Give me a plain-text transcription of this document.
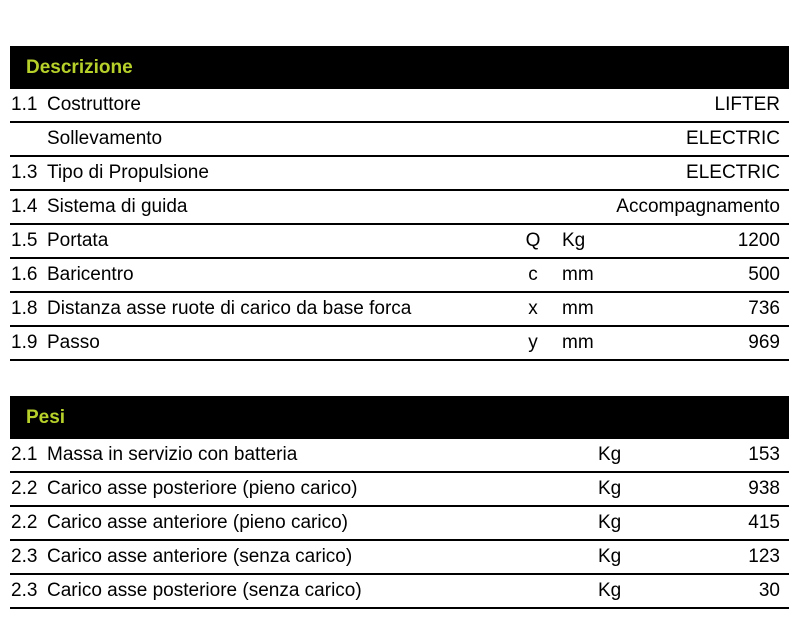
Descrizione
1.1 Costruttore	LIFTER
Sollevamento	ELECTRIC
1.3 Tipo di Propulsione	ELECTRIC
1.4 Sistema di guida	Accompagnamento
1.5 Portata	Q Kg	1200
1.6 Baricentro	c	mm	500
1.8 Distanza asse ruote di carico da base forca	x	mm	736
1.9 Passo	y	mm	969
Pesi
2.1 Massa in servizio con batteria	Kg	153
2.2 Carico asse posteriore (pieno carico)	Kg	938
2.2 Carico asse anteriore (pieno carico)	Kg	415
2.3 Carico asse anteriore (senza carico)	Kg	123
2.3 Carico asse posteriore (senza carico)	Kg	30
